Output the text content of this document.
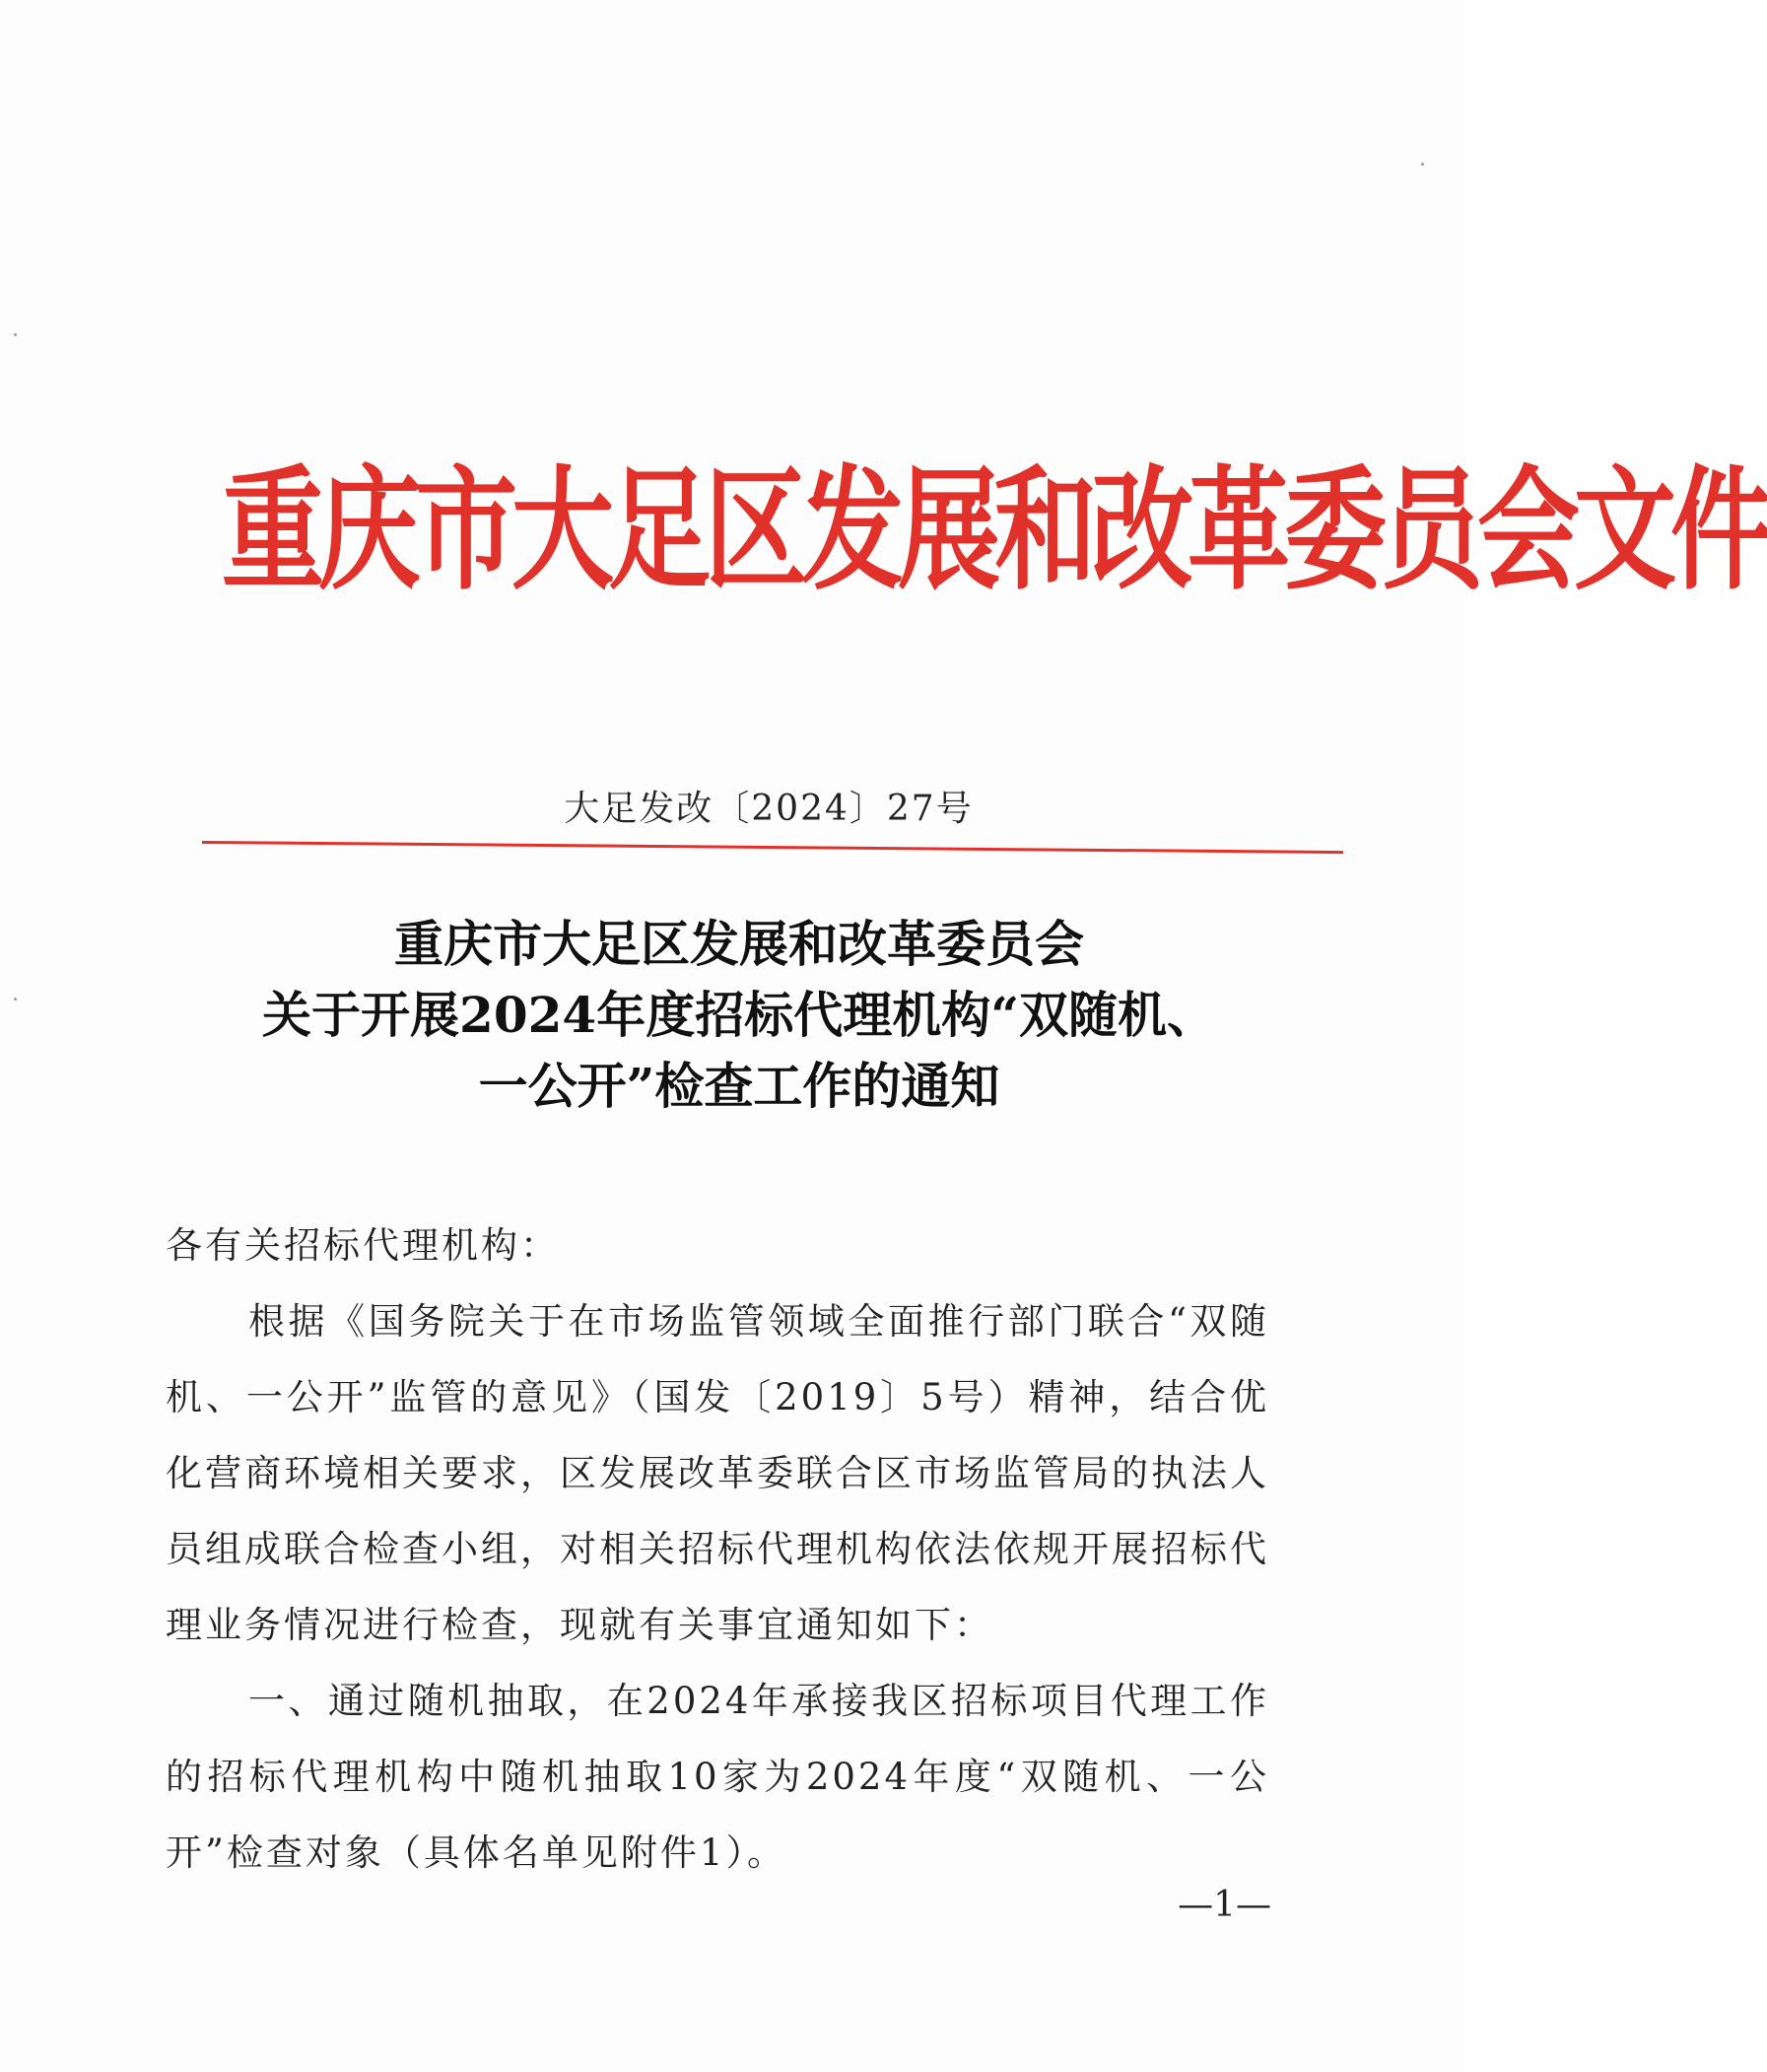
重庆市大足区发展和改革委员会文件
大足发改〔2024〕27号
重庆市大足区发展和改革委员会
关于开展2024年度招标代理机构“双随机、
一公开”检查工作的通知
各有关招标代理机构：
根据《国务院关于在市场监管领域全面推行部门联合“双随机、一公开”监管的意见》（国发〔2019〕5号）精神，结合优化营商环境相关要求，区发展改革委联合区市场监管局的执法人员组成联合检查小组，对相关招标代理机构依法依规开展招标代理业务情况进行检查，现就有关事宜通知如下：
一、通过随机抽取，在2024年承接我区招标项目代理工作的招标代理机构中随机抽取10家为2024年度“双随机、一公开”检查对象（具体名单见附件1）。
—1—
